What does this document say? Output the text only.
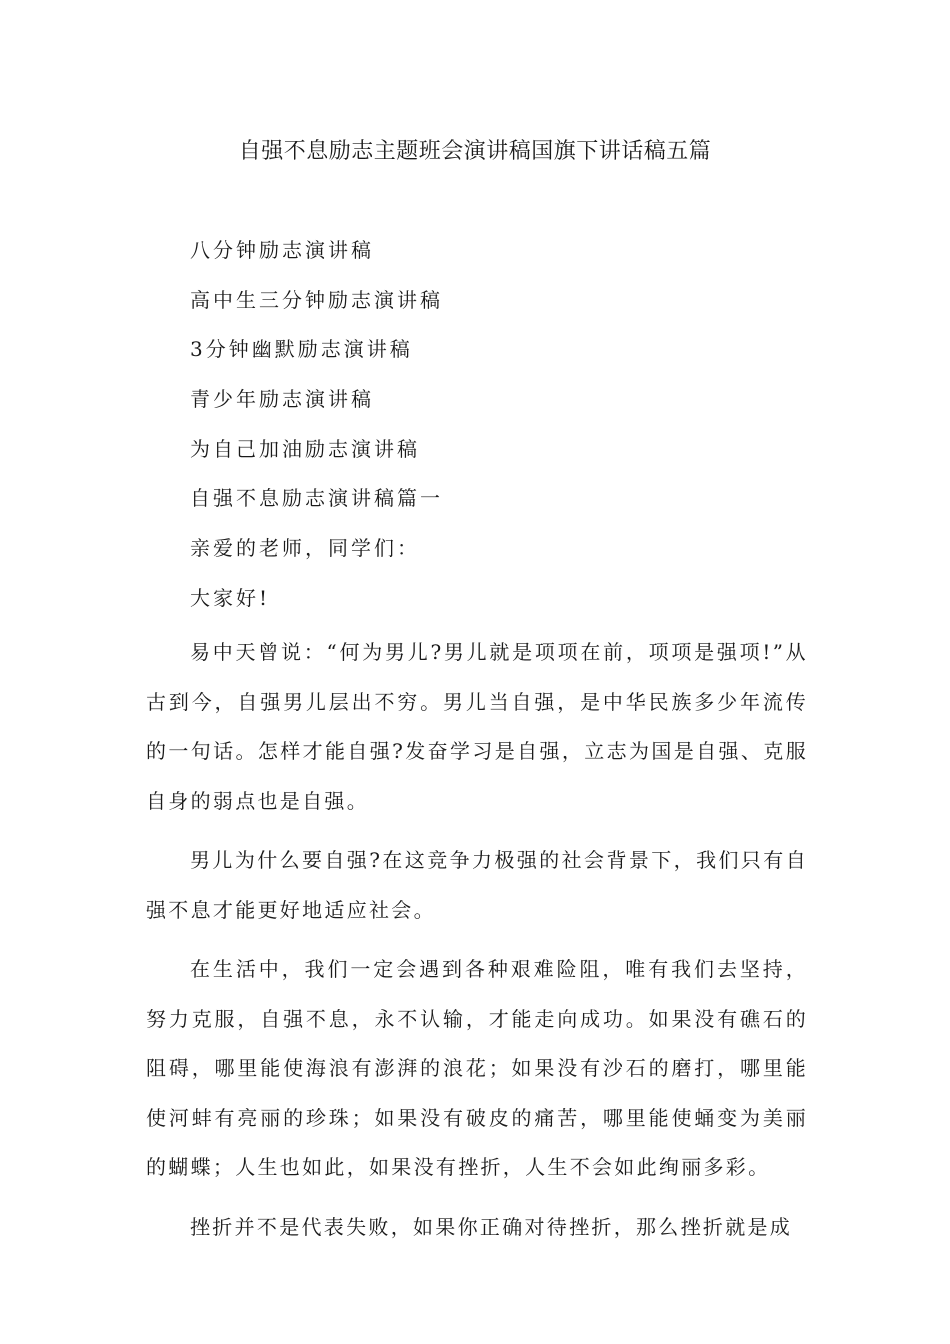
自强不息励志主题班会演讲稿国旗下讲话稿五篇
八分钟励志演讲稿
高中生三分钟励志演讲稿
3分钟幽默励志演讲稿
青少年励志演讲稿
为自己加油励志演讲稿
自强不息励志演讲稿篇一
亲爱的老师，同学们：
大家好!

易中天曾说：“何为男儿?男儿就是项项在前，项项是强项!”从古到今，自强男儿层出不穷。男儿当自强，是中华民族多少年流传的一句话。怎样才能自强?发奋学习是自强，立志为国是自强、克服自身的弱点也是自强。

男儿为什么要自强?在这竞争力极强的社会背景下，我们只有自强不息才能更好地适应社会。

在生活中，我们一定会遇到各种艰难险阻，唯有我们去坚持，努力克服，自强不息，永不认输，才能走向成功。如果没有礁石的阻碍，哪里能使海浪有澎湃的浪花；如果没有沙石的磨打，哪里能使河蚌有亮丽的珍珠；如果没有破皮的痛苦，哪里能使蛹变为美丽的蝴蝶；人生也如此，如果没有挫折，人生不会如此绚丽多彩。

挫折并不是代表失败，如果你正确对待挫折，那么挫折就是成
